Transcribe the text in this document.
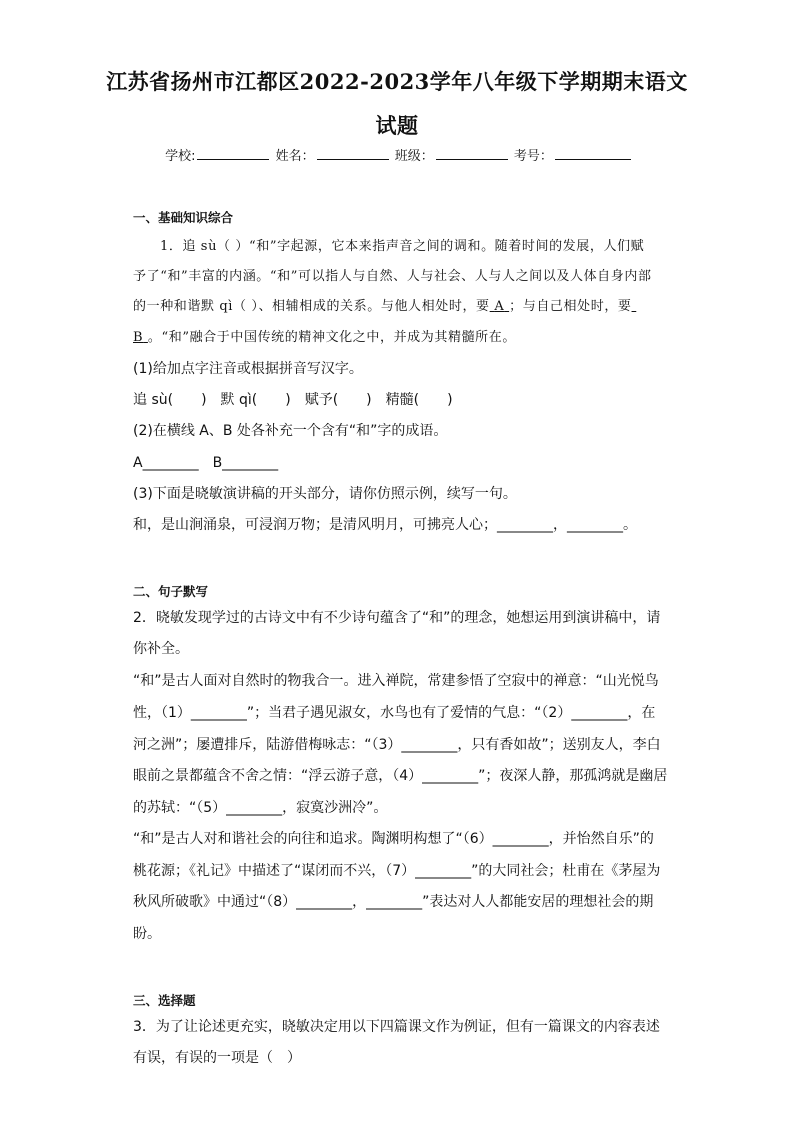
江苏省扬州市江都区2022-2023学年八年级下学期期末语文
试题
学校:	姓名：	班级：	考号：
一、基础知识综合
1．追 sù（ ）“和”字起源，它本来指声音之间的调和。随着时间的发展，人们赋
予了“和”丰富的内涵。“和”可以指人与自然、人与社会、人与人之间以及人体自身内部
的一种和谐默 qì（ ）、相辅相成的关系。与他人相处时，要 A ；与自己相处时，要
B 。“和”融合于中国传统的精神文化之中，并成为其精髓所在。
(1)给加点字注音或根据拼音写汉字。
追 sù(　　)　默 qì(　　)　赋予(　　)　精髓(　　)
(2)在横线 A、B 处各补充一个含有“和”字的成语。
A________　B________
(3)下面是晓敏演讲稿的开头部分，请你仿照示例，续写一句。
和，是山涧涌泉，可浸润万物；是清风明月，可拂亮人心；________，________。
二、句子默写
2．晓敏发现学过的古诗文中有不少诗句蕴含了“和”的理念，她想运用到演讲稿中，请
你补全。
“和”是古人面对自然时的物我合一。进入禅院，常建参悟了空寂中的禅意：“山光悦鸟
性，（1）________”；当君子遇见淑女，水鸟也有了爱情的气息：“（2）________，在
河之洲”；屡遭排斥，陆游借梅咏志：“（3）________，只有香如故”；送别友人，李白
眼前之景都蕴含不舍之情：“浮云游子意，（4）________”；夜深人静，那孤鸿就是幽居
的苏轼：“（5）________，寂寞沙洲冷”。
“和”是古人对和谐社会的向往和追求。陶渊明构想了“（6）________，并怡然自乐”的
桃花源；《礼记》中描述了“谋闭而不兴，（7）________”的大同社会；杜甫在《茅屋为
秋风所破歌》中通过“（8）________，________”表达对人人都能安居的理想社会的期
盼。
三、选择题
3．为了让论述更充实，晓敏决定用以下四篇课文作为例证，但有一篇课文的内容表述
有误，有误的一项是（　）
